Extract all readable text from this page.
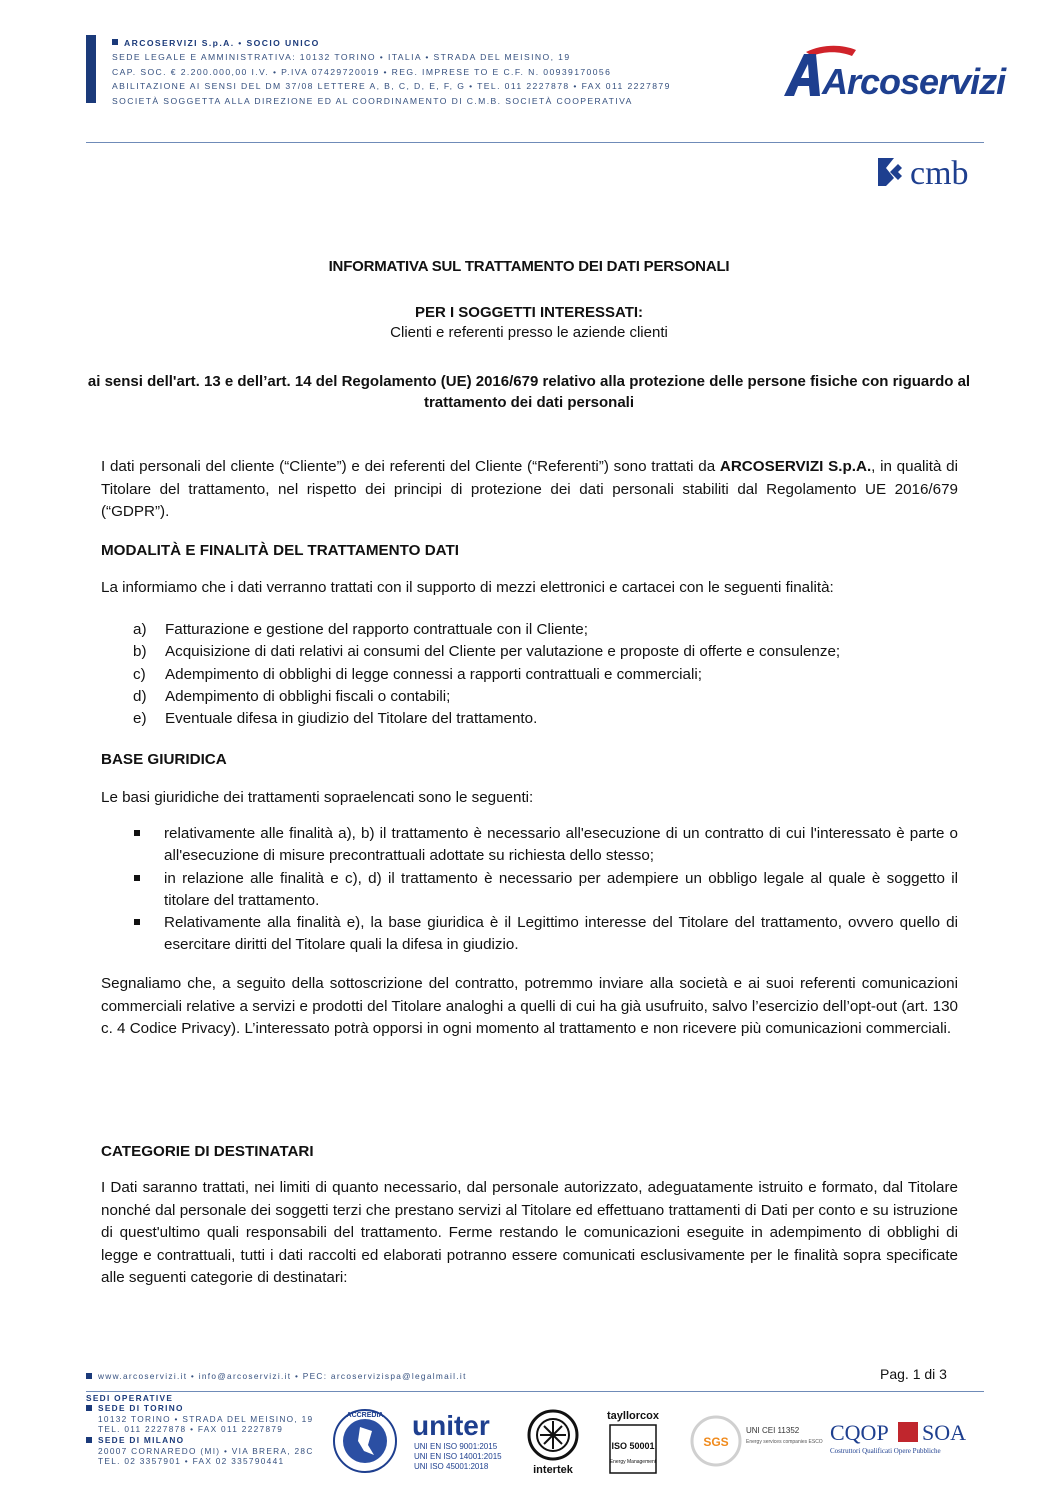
ARCOSERVIZI S.p.A. • SOCIO UNICO
SEDE LEGALE E AMMINISTRATIVA: 10132 TORINO • ITALIA • STRADA DEL MEISINO, 19
CAP. SOC. € 2.200.000,00 I.V. • P.IVA 07429720019 • REG. IMPRESE TO E C.F. N. 00939170056
ABILITAZIONE AI SENSI DEL DM 37/08 LETTERE A, B, C, D, E, F, G • TEL. 011 2227878 • FAX 011 2227879
SOCIETÀ SOGGETTA ALLA DIREZIONE ED AL COORDINAMENTO DI C.M.B. SOCIETÀ COOPERATIVA	Arcoservizi
cmb
INFORMATIVA SUL TRATTAMENTO DEI DATI PERSONALI
PER I SOGGETTI INTERESSATI:
Clienti e referenti presso le aziende clienti
ai sensi dell'art. 13 e dell’art. 14 del Regolamento (UE) 2016/679 relativo alla protezione delle persone fisiche con riguardo al trattamento dei dati personali
I dati personali del cliente (“Cliente”) e dei referenti del Cliente (“Referenti”) sono trattati da ARCOSERVIZI S.p.A., in qualità di Titolare del trattamento, nel rispetto dei principi di protezione dei dati personali stabiliti dal Regolamento UE 2016/679 (“GDPR”).
MODALITÀ E FINALITÀ DEL TRATTAMENTO DATI
La informiamo che i dati verranno trattati con il supporto di mezzi elettronici e cartacei con le seguenti finalità:
a) Fatturazione e gestione del rapporto contrattuale con il Cliente;
b) Acquisizione di dati relativi ai consumi del Cliente per valutazione e proposte di offerte e consulenze;
c) Adempimento di obblighi di legge connessi a rapporti contrattuali e commerciali;
d) Adempimento di obblighi fiscali o contabili;
e) Eventuale difesa in giudizio del Titolare del trattamento.
BASE GIURIDICA
Le basi giuridiche dei trattamenti sopraelencati sono le seguenti:
relativamente alle finalità a), b) il trattamento è necessario all'esecuzione di un contratto di cui l'interessato è parte o all'esecuzione di misure precontrattuali adottate su richiesta dello stesso;
in relazione alle finalità e c), d) il trattamento è necessario per adempiere un obbligo legale al quale è soggetto il titolare del trattamento.
Relativamente alla finalità e), la base giuridica è il Legittimo interesse del Titolare del trattamento, ovvero quello di esercitare diritti del Titolare quali la difesa in giudizio.
Segnaliamo che, a seguito della sottoscrizione del contratto, potremmo inviare alla società e ai suoi referenti comunicazioni commerciali relative a servizi e prodotti del Titolare analoghi a quelli di cui ha già usufruito, salvo l’esercizio dell’opt-out (art. 130 c. 4 Codice Privacy). L’interessato potrà opporsi in ogni momento al trattamento e non ricevere più comunicazioni commerciali.
CATEGORIE DI DESTINATARI
I Dati saranno trattati, nei limiti di quanto necessario, dal personale autorizzato, adeguatamente istruito e formato, dal Titolare nonché dal personale dei soggetti terzi che prestano servizi al Titolare ed effettuano trattamenti di Dati per conto e su istruzione di quest'ultimo quali responsabili del trattamento. Ferme restando le comunicazioni eseguite in adempimento di obblighi di legge e contrattuali, tutti i dati raccolti ed elaborati potranno essere comunicati esclusivamente per le finalità sopra specificate alle seguenti categorie di destinatari:
Pag. 1 di 3
www.arcoservizi.it • info@arcoservizi.it • PEC: arcoservizispa@legalmail.it
SEDI OPERATIVE
SEDE DI TORINO
10132 TORINO • STRADA DEL MEISINO, 19
TEL. 011 2227878 • FAX 011 2227879
SEDE DI MILANO
20007 CORNAREDO (MI) • VIA BRERA, 28C
TEL. 02 3357901 • FAX 02 335790441
ACCREDIA uniter
UNI EN ISO 9001:2015
UNI EN ISO 14001:2015
UNI ISO 45001:2018	intertek
tayllorcox
ISO 50001
Energy Management
SGS
UNI CEI 11352
Energy services companies ESCO CQOP SOA
Costruttori Qualificati Opere Pubbliche
